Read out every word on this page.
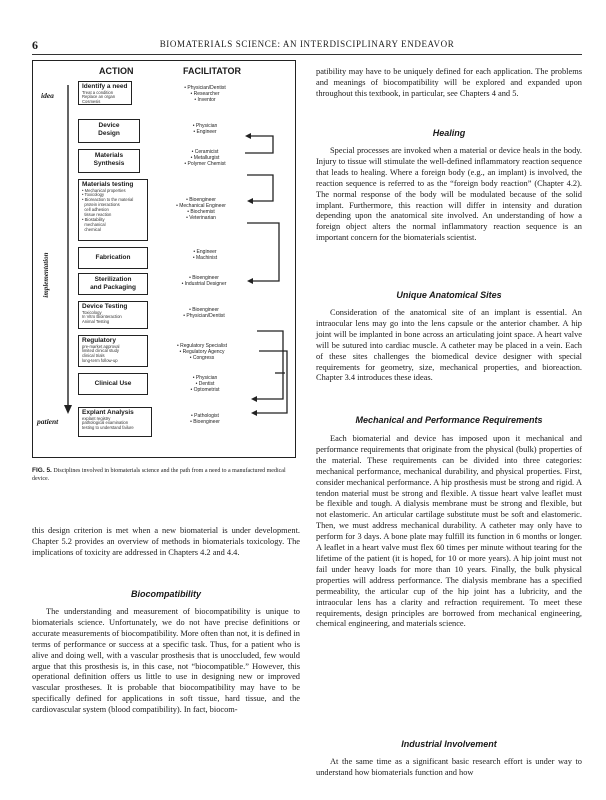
6	BIOMATERIALS SCIENCE: AN INTERDISCIPLINARY ENDEAVOR
ACTION	FACILITATOR
idea
implementation
patient
Identify a need
Treat a condition
Replace an organ
Cosmesis
• Physician/Dentist
• Researcher
• Inventor
Device
Design
• Physician
• Engineer
Materials
Synthesis
• Ceramicist
• Metallurgist
• Polymer Chemist
Materials testing
• Mechanical properties
• Toxicology
• Bioreaction to the material
protein interactions
cell adhesion
tissue reaction
• Biostability
mechanical
chemical
• Bioengineer
• Mechanical Engineer
• Biochemist
• Veterinarian
Fabrication
• Engineer
• Machinist
Sterilization
and Packaging
• Bioengineer
• Industrial Designer
Device Testing
Toxicology
In Vitro Biointeraction
Animal Testing
• Bioengineer
• Physician/Dentist
Regulatory
pre-market approval
limited clinical study
clinical trials
long-term follow-up
• Regulatory Specialist
• Regulatory Agency
• Congress
Clinical Use
• Physician
• Dentist
• Optometrist
Explant Analysis
explant registry
pathological examination
testing to understand failure
• Pathologist
• Bioengineer
FIG. 5. Disciplines involved in biomaterials science and the path from a need to a manufactured medical device.

this design criterion is met when a new biomaterial is under development. Chapter 5.2 provides an overview of methods in biomaterials toxicology. The implications of toxicity are addressed in Chapters 4.2 and 4.4.

Biocompatibility

The understanding and measurement of biocompatibility is unique to biomaterials science. Unfortunately, we do not have precise definitions or accurate measurements of biocompatibility. More often than not, it is defined in terms of performance or success at a specific task. Thus, for a patient who is alive and doing well, with a vascular prosthesis that is unoccluded, few would argue that this prosthesis is, in this case, not “biocompatible.” However, this operational definition offers us little to use in designing new or improved vascular prostheses. It is probable that biocompatibility may have to be specifically defined for applications in soft tissue, hard tissue, and the cardiovascular system (blood compatibility). In fact, biocom-

patibility may have to be uniquely defined for each application. The problems and meanings of biocompatibility will be explored and expanded upon throughout this textbook, in particular, see Chapters 4 and 5.

Healing

Special processes are invoked when a material or device heals in the body. Injury to tissue will stimulate the well-defined inflammatory reaction sequence that leads to healing. Where a foreign body (e.g., an implant) is involved, the reaction sequence is referred to as the “foreign body reaction” (Chapter 4.2). The normal response of the body will be modulated because of the solid implant. Furthermore, this reaction will differ in intensity and duration depending upon the anatomical site involved. An understanding of how a foreign object alters the normal inflammatory reaction sequence is an important concern for the biomaterials scientist.

Unique Anatomical Sites

Consideration of the anatomical site of an implant is essential. An intraocular lens may go into the lens capsule or the anterior chamber. A hip joint will be implanted in bone across an articulating joint space. A heart valve will be sutured into cardiac muscle. A catheter may be placed in a vein. Each of these sites challenges the biomedical device designer with special requirements for geometry, size, mechanical properties, and bioreaction. Chapter 3.4 introduces these ideas.

Mechanical and Performance Requirements

Each biomaterial and device has imposed upon it mechanical and performance requirements that originate from the physical (bulk) properties of the material. These requirements can be divided into three categories: mechanical performance, mechanical durability, and physical properties. First, consider mechanical performance. A hip prosthesis must be strong and rigid. A tendon material must be strong and flexible. A tissue heart valve leaflet must be flexible and tough. A dialysis membrane must be strong and flexible, but not elastomeric. An articular cartilage substitute must be soft and elastomeric. Then, we must address mechanical durability. A catheter may only have to perform for 3 days. A bone plate may fulfill its function in 6 months or longer. A leaflet in a heart valve must flex 60 times per minute without tearing for the lifetime of the patient (it is hoped, for 10 or more years). A hip joint must not fail under heavy loads for more than 10 years. Finally, the bulk physical properties will address performance. The dialysis membrane has a specified permeability, the articular cup of the hip joint has a lubricity, and the intraocular lens has a clarity and refraction requirement. To meet these requirements, design principles are borrowed from mechanical engineering, chemical engineering, and materials science.

Industrial Involvement

At the same time as a significant basic research effort is under way to understand how biomaterials function and how
